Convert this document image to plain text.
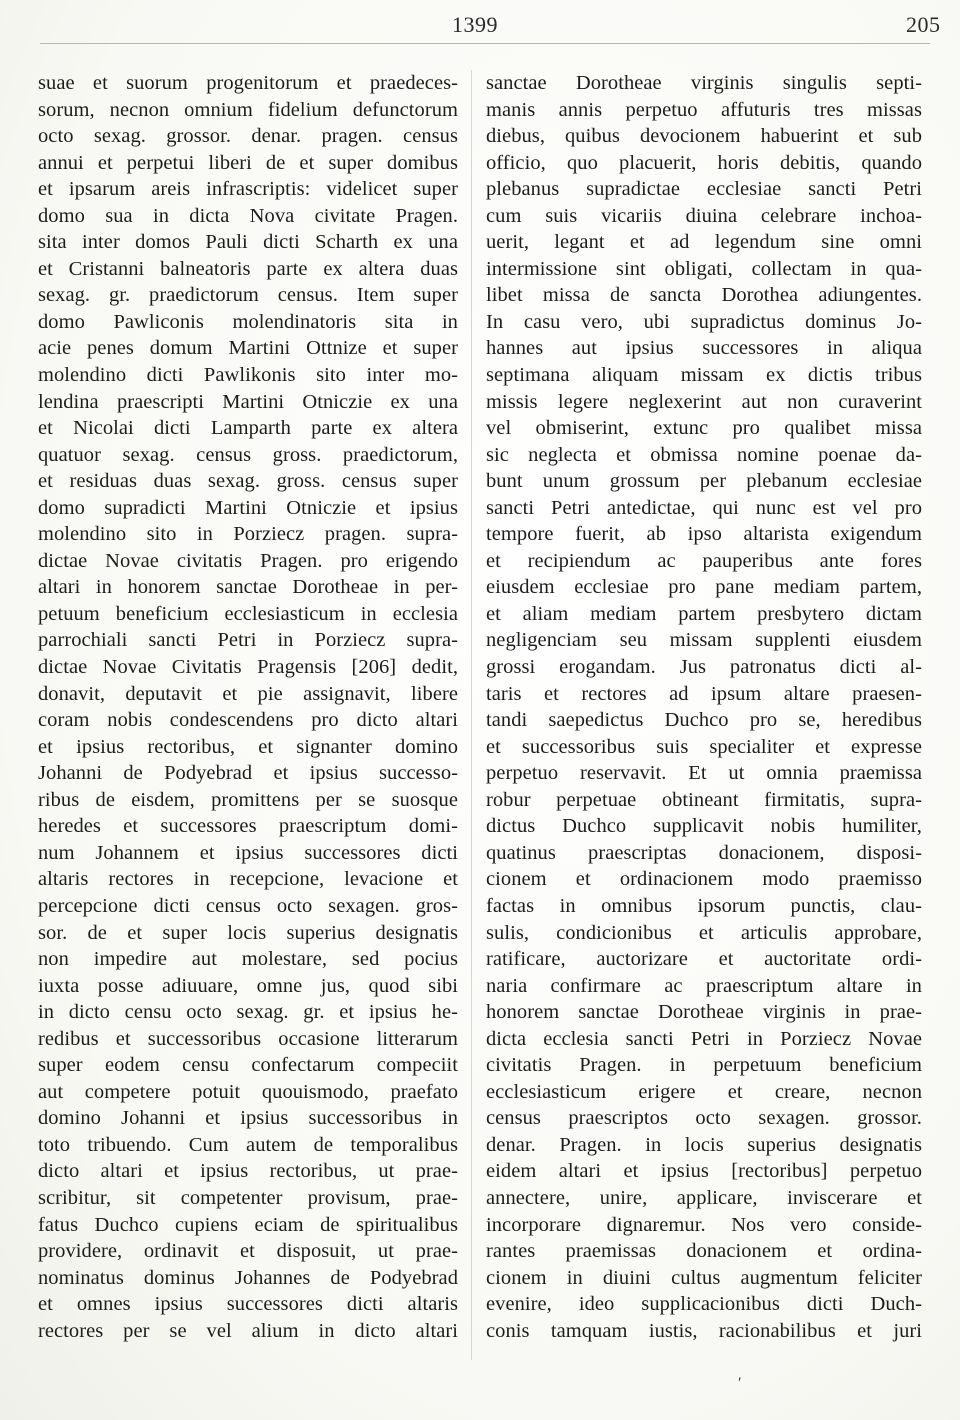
1399	205
suae et suorum progenitorum et praedeces-
sorum, necnon omnium fidelium defunctorum
octo sexag. grossor. denar. pragen. census
annui et perpetui liberi de et super domibus
et ipsarum areis infrascriptis: videlicet super
domo sua in dicta Nova civitate Pragen.
sita inter domos Pauli dicti Scharth ex una
et Cristanni balneatoris parte ex altera duas
sexag. gr. praedictorum census. Item super
domo Pawliconis molendinatoris sita in
acie penes domum Martini Ottnize et super
molendino dicti Pawlikonis sito inter mo-
lendina praescripti Martini Otniczie ex una
et Nicolai dicti Lamparth parte ex altera
quatuor sexag. census gross. praedictorum,
et residuas duas sexag. gross. census super
domo supradicti Martini Otniczie et ipsius
molendino sito in Porziecz pragen. supra-
dictae Novae civitatis Pragen. pro erigendo
altari in honorem sanctae Dorotheae in per-
petuum beneficium ecclesiasticum in ecclesia
parrochiali sancti Petri in Porziecz supra-
dictae Novae Civitatis Pragensis [206] dedit,
donavit, deputavit et pie assignavit, libere
coram nobis condescendens pro dicto altari
et ipsius rectoribus, et signanter domino
Johanni de Podyebrad et ipsius successo-
ribus de eisdem, promittens per se suosque
heredes et successores praescriptum domi-
num Johannem et ipsius successores dicti
altaris rectores in recepcione, levacione et
percepcione dicti census octo sexagen. gros-
sor. de et super locis superius designatis
non impedire aut molestare, sed pocius
iuxta posse adiuuare, omne jus, quod sibi
in dicto censu octo sexag. gr. et ipsius he-
redibus et successoribus occasione litterarum
super eodem censu confectarum compeciit
aut competere potuit quouismodo, praefato
domino Johanni et ipsius successoribus in
toto tribuendo. Cum autem de temporalibus
dicto altari et ipsius rectoribus, ut prae-
scribitur, sit competenter provisum, prae-
fatus Duchco cupiens eciam de spiritualibus
providere, ordinavit et disposuit, ut prae-
nominatus dominus Johannes de Podyebrad
et omnes ipsius successores dicti altaris
rectores per se vel alium in dicto altari
sanctae Dorotheae virginis singulis septi-
manis annis perpetuo affuturis tres missas
diebus, quibus devocionem habuerint et sub
officio, quo placuerit, horis debitis, quando
plebanus supradictae ecclesiae sancti Petri
cum suis vicariis diuina celebrare inchoa-
uerit, legant et ad legendum sine omni
intermissione sint obligati, collectam in qua-
libet missa de sancta Dorothea adiungentes.
In casu vero, ubi supradictus dominus Jo-
hannes aut ipsius successores in aliqua
septimana aliquam missam ex dictis tribus
missis legere neglexerint aut non curaverint
vel obmiserint, extunc pro qualibet missa
sic neglecta et obmissa nomine poenae da-
bunt unum grossum per plebanum ecclesiae
sancti Petri antedictae, qui nunc est vel pro
tempore fuerit, ab ipso altarista exigendum
et recipiendum ac pauperibus ante fores
eiusdem ecclesiae pro pane mediam partem,
et aliam mediam partem presbytero dictam
negligenciam seu missam supplenti eiusdem
grossi erogandam. Jus patronatus dicti al-
taris et rectores ad ipsum altare praesen-
tandi saepedictus Duchco pro se, heredibus
et successoribus suis specialiter et expresse
perpetuo reservavit. Et ut omnia praemissa
robur perpetuae obtineant firmitatis, supra-
dictus Duchco supplicavit nobis humiliter,
quatinus praescriptas donacionem, disposi-
cionem et ordinacionem modo praemisso
factas in omnibus ipsorum punctis, clau-
sulis, condicionibus et articulis approbare,
ratificare, auctorizare et auctoritate ordi-
naria confirmare ac praescriptum altare in
honorem sanctae Dorotheae virginis in prae-
dicta ecclesia sancti Petri in Porziecz Novae
civitatis Pragen. in perpetuum beneficium
ecclesiasticum erigere et creare, necnon
census praescriptos octo sexagen. grossor.
denar. Pragen. in locis superius designatis
eidem altari et ipsius [rectoribus] perpetuo
annectere, unire, applicare, inviscerare et
incorporare dignaremur. Nos vero conside-
rantes praemissas donacionem et ordina-
cionem in diuini cultus augmentum feliciter
evenire, ideo supplicacionibus dicti Duch-
conis tamquam iustis, racionabilibus et juri
′
